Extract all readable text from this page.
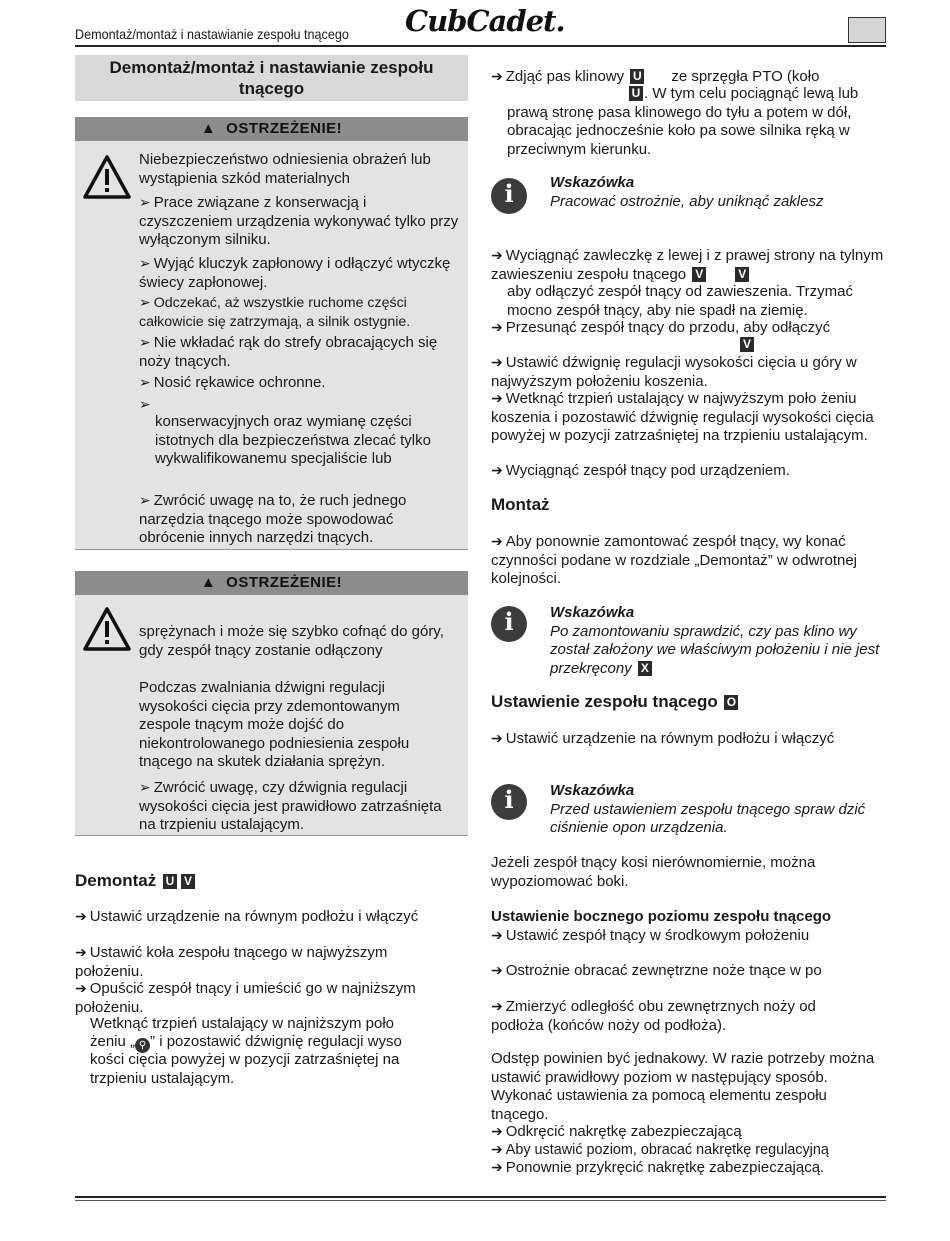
Demontaż/montaż i nastawianie zespołu tnącego CubCadet.
Demontaż/montaż i nastawianie zespołu tnącego
▲ OSTRZEŻENIE!
Niebezpieczeństwo odniesienia obrażeń lub wystąpienia szkód materialnych
➢ Prace związane z konserwacją i czyszczeniem urządzenia wykonywać tylko przy wyłączonym silniku.
➢ Wyjąć kluczyk zapłonowy i odłączyć wtyczkę świecy zapłonowej.
➢ Odczekać, aż wszystkie ruchome części całkowicie się zatrzymają, a silnik ostygnie.
➢ Nie wkładać rąk do strefy obracających się noży tnących.
➢ Nosić rękawice ochronne.
➢
konserwacyjnych oraz wymianę części istotnych dla bezpieczeństwa zlecać tylko wykwalifikowanemu specjaliście lub
➢ Zwrócić uwagę na to, że ruch jednego narzędzia tnącego może spowodować obrócenie innych narzędzi tnących.
▲ OSTRZEŻENIE!
sprężynach i może się szybko cofnąć do góry, gdy zespół tnący zostanie odłączony
Podczas zwalniania dźwigni regulacji wysokości cięcia przy zdemontowanym zespole tnącym może dojść do niekontrolowanego podniesienia zespołu tnącego na skutek działania sprężyn.
➢ Zwrócić uwagę, czy dźwignia regulacji wysokości cięcia jest prawidłowo zatrzaśnięta na trzpieniu ustalającym.
Demontaż U V
➔ Ustawić urządzenie na równym podłożu i włączyć
➔ Ustawić koła zespołu tnącego w najwyższym położeniu.
➔ Opuścić zespół tnący i umieścić go w najniższym położeniu.
Wetknąć trzpień ustalający w najniższym poło
żeniu „ ⚲ ” i pozostawić dźwignię regulacji wyso
kości cięcia powyżej w pozycji zatrzaśniętej na trzpieniu ustalającym.
➔ Zdjąć pas klinowy U ze sprzęgła PTO (koło
U . W tym celu pociągnąć lewą lub prawą stronę pasa klinowego do tyłu a potem w dół, obracając jednocześnie koło pa sowe silnika ręką w przeciwnym kierunku.
i	Wskazówka
Pracować ostrożnie, aby uniknąć zaklesz
➔ Wyciągnąć zawleczkę z lewej i z prawej strony na tylnym zawieszeniu zespołu tnącego V	V
aby odłączyć zespół tnący od zawieszenia. Trzymać mocno zespół tnący, aby nie spadł na ziemię.
➔ Przesunąć zespół tnący do przodu, aby odłączyć
V
➔ Ustawić dźwignię regulacji wysokości cięcia u góry w najwyższym położeniu koszenia.
➔ Wetknąć trzpień ustalający w najwyższym poło żeniu koszenia i pozostawić dźwignię regulacji wysokości cięcia powyżej w pozycji zatrzaśniętej na trzpieniu ustalającym.
➔ Wyciągnąć zespół tnący pod urządzeniem.
Montaż
➔ Aby ponownie zamontować zespół tnący, wy konać czynności podane w rozdziale „Demontaż” w odwrotnej kolejności.
i	Wskazówka
Po zamontowaniu sprawdzić, czy pas klino wy został założony we właściwym położeniu i nie jest przekręcony X
Ustawienie zespołu tnącego O
➔ Ustawić urządzenie na równym podłożu i włączyć
i	Wskazówka
Przed ustawieniem zespołu tnącego spraw dzić ciśnienie opon urządzenia.
Jeżeli zespół tnący kosi nierównomiernie, można wypoziomować boki.
Ustawienie bocznego poziomu zespołu tnącego
➔ Ustawić zespół tnący w środkowym położeniu
➔ Ostrożnie obracać zewnętrzne noże tnące w po
➔ Zmierzyć odległość obu zewnętrznych noży od podłoża (końców noży od podłoża).
Odstęp powinien być jednakowy. W razie potrzeby można ustawić prawidłowy poziom w następujący sposób. Wykonać ustawienia za pomocą elementu zespołu tnącego.
➔ Odkręcić nakrętkę zabezpieczającą
➔ Aby ustawić poziom, obracać nakrętkę regulacyjną
➔ Ponownie przykręcić nakrętkę zabezpieczającą.
